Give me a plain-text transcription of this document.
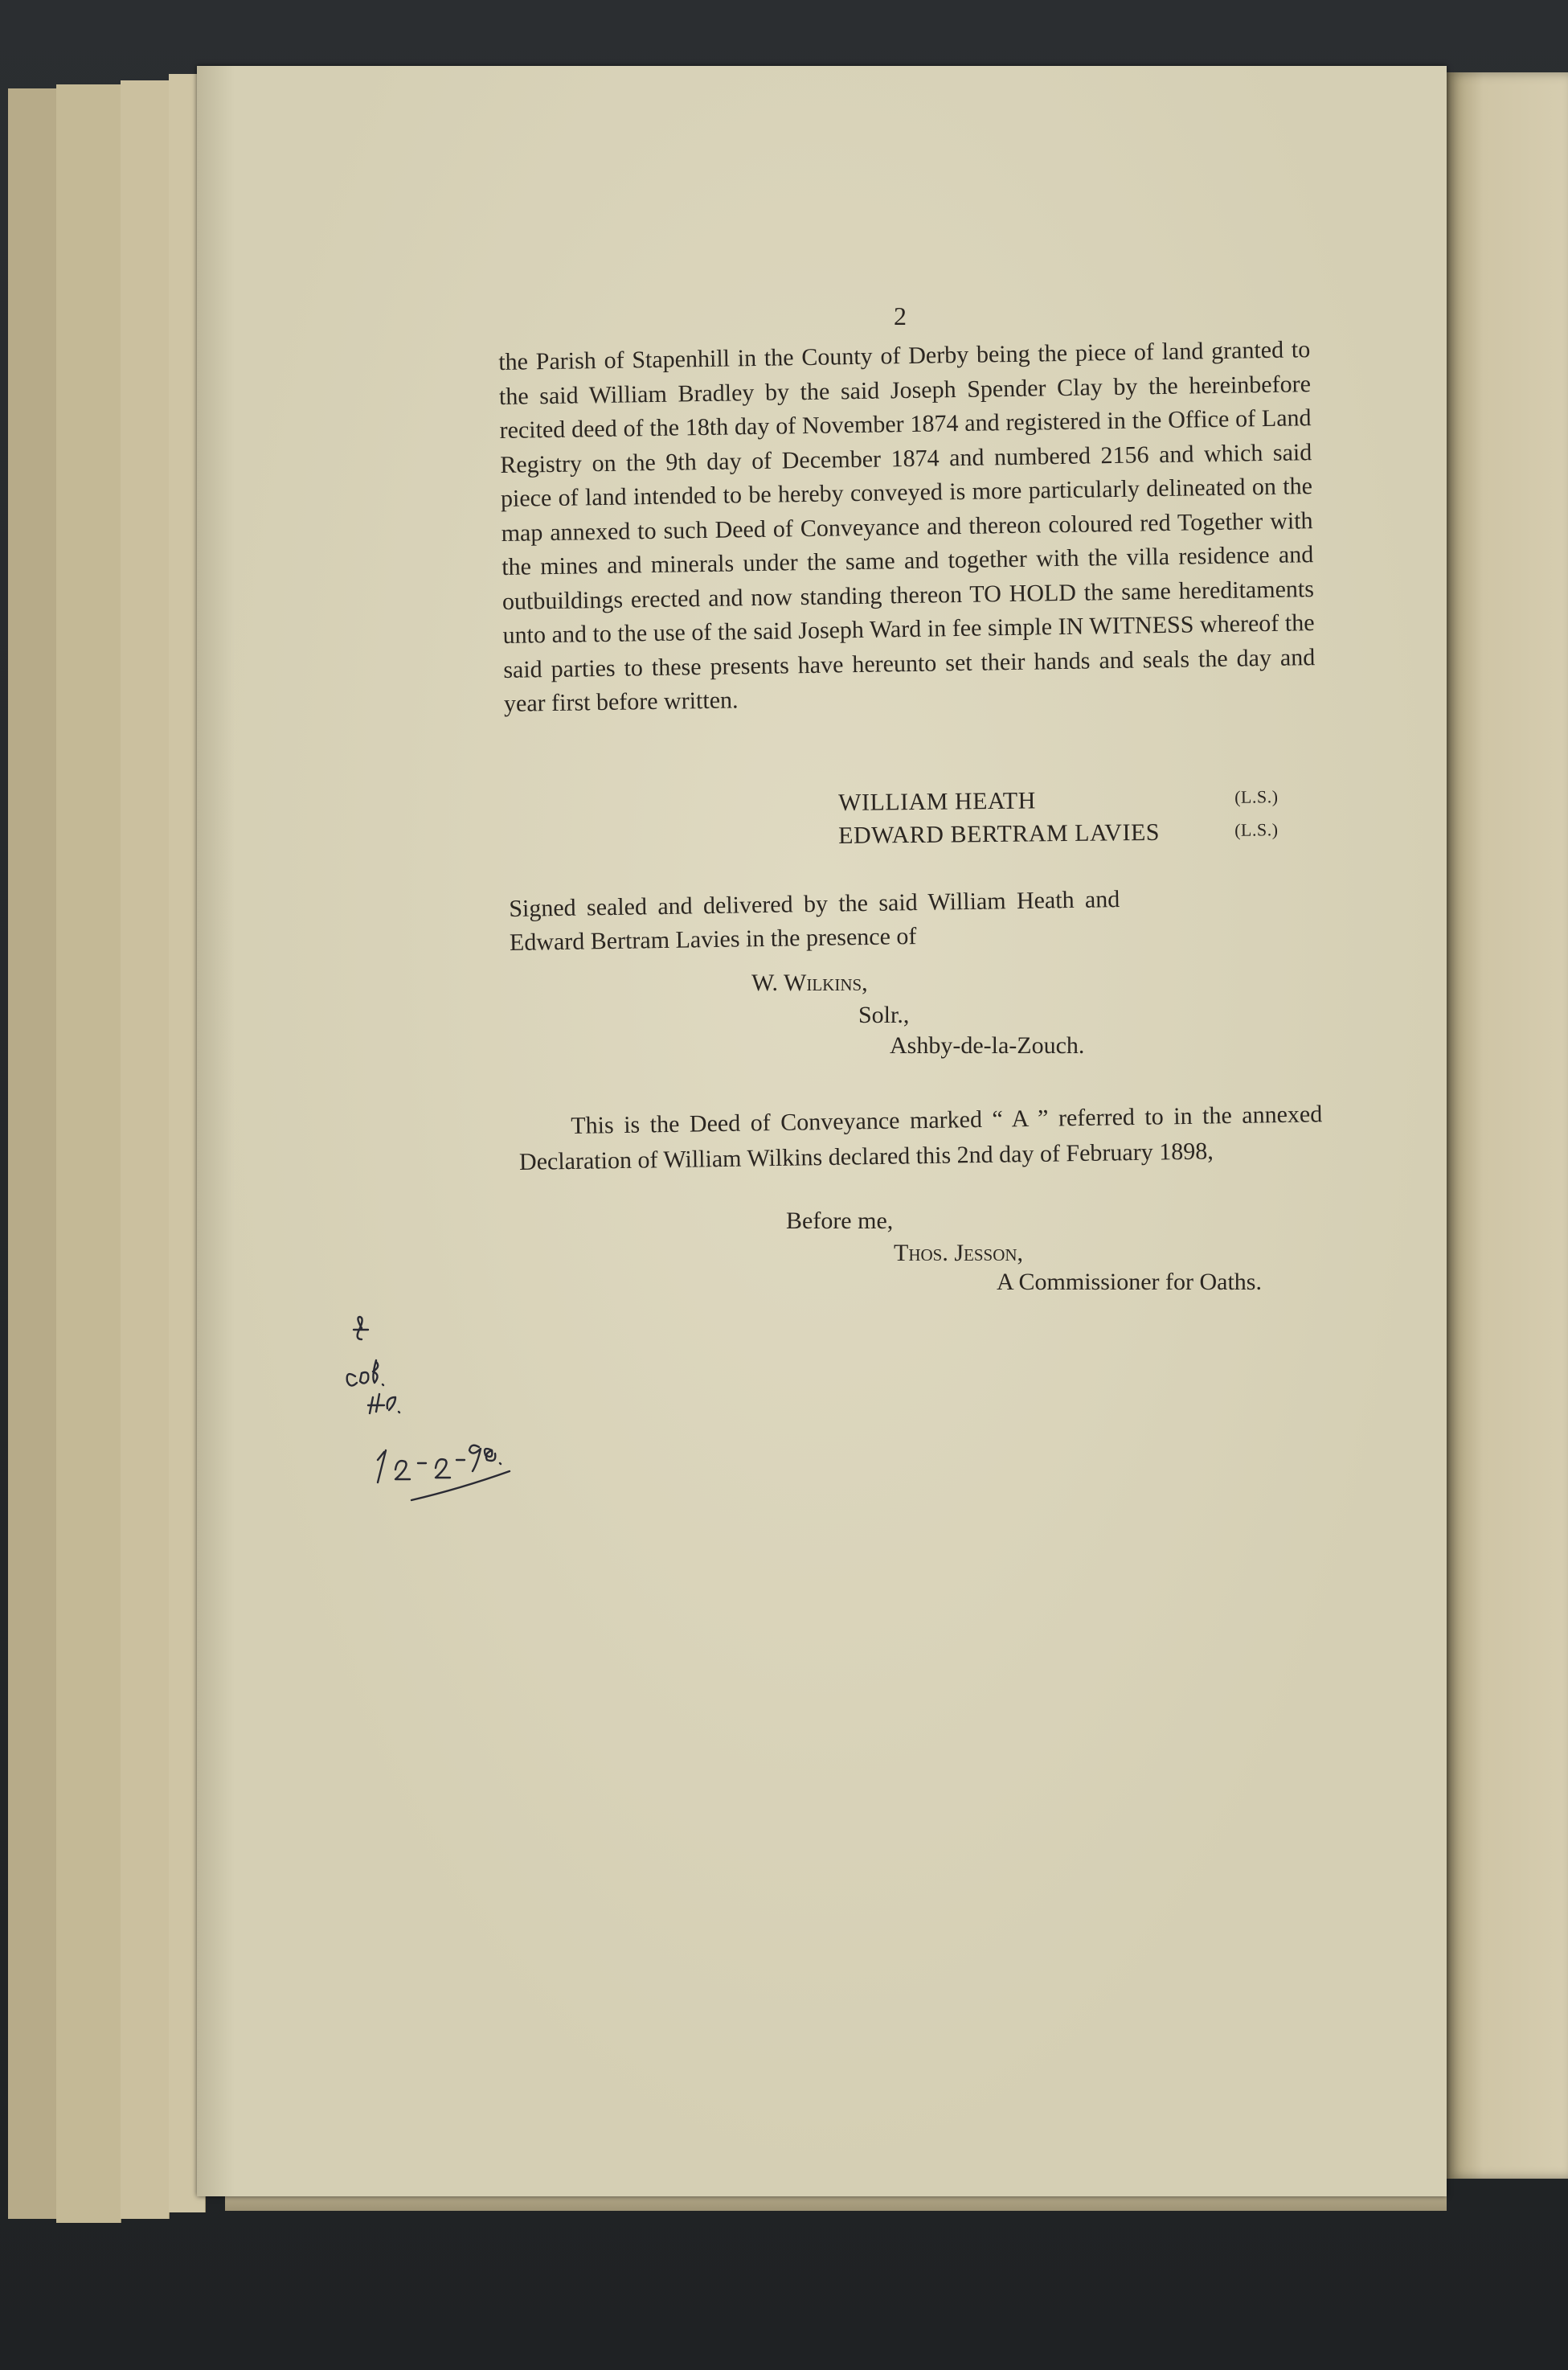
2

the Parish of Stapenhill in the County of Derby being the piece of land granted to the said William Bradley by the said Joseph Spender Clay by the hereinbefore recited deed of the 18th day of November 1874 and registered in the Office of Land Registry on the 9th day of December 1874 and numbered 2156 and which said piece of land intended to be hereby conveyed is more particularly delineated on the map annexed to such Deed of Conveyance and thereon coloured red Together with the mines and minerals under the same and together with the villa residence and outbuildings erected and now standing thereon TO HOLD the same hereditaments unto and to the use of the said Joseph Ward in fee simple IN WITNESS whereof the said parties to these presents have hereunto set their hands and seals the day and year first before written.

WILLIAM HEATH	(L.S.)
EDWARD BERTRAM LAVIES	(L.S.)

Signed sealed and delivered by the said William Heath and Edward Bertram Lavies in the presence of

W. Wilkins,
Solr.,
Ashby-de-la-Zouch.

This is the Deed of Conveyance marked “ A ” referred to in the annexed Declaration of William Wilkins declared this 2nd day of February 1898,

Before me,
Thos. Jesson,
A Commissioner for Oaths.
